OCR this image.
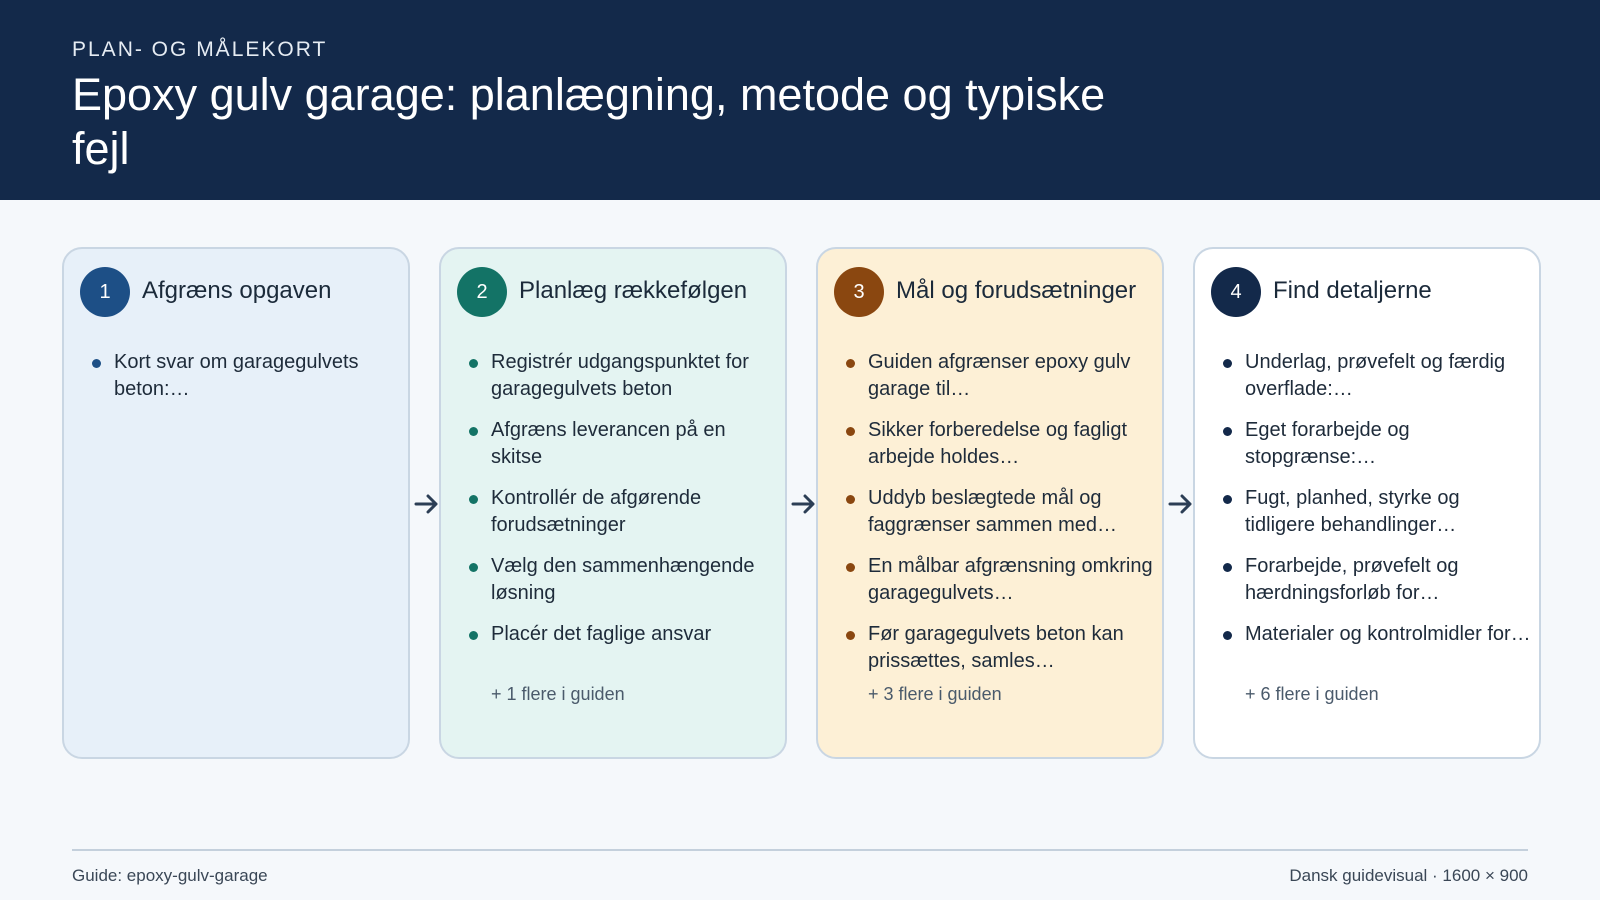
PLAN- OG MÅLEKORT
Epoxy gulv garage: planlægning, metode og typiske fejl
1	Afgræns opgaven
Kort svar om garagegulvets beton:…
2	Planlæg rækkefølgen
Registrér udgangspunktet for garagegulvets beton
Afgræns leverancen på en skitse
Kontrollér de afgørende forudsætninger
Vælg den sammenhængende løsning
Placér det faglige ansvar
+ 1 flere i guiden
3	Mål og forudsætninger
Guiden afgrænser epoxy gulv garage til…
Sikker forberedelse og fagligt arbejde holdes…
Uddyb beslægtede mål og faggrænser sammen med…
En målbar afgrænsning omkring garagegulvets…
Før garagegulvets beton kan prissættes, samles…
+ 3 flere i guiden
4	Find detaljerne
Underlag, prøvefelt og færdig overflade:…
Eget forarbejde og stopgrænse:…
Fugt, planhed, styrke og tidligere behandlinger…
Forarbejde, prøvefelt og hærdningsforløb for…
Materialer og kontrolmidler for…
+ 6 flere i guiden
Guide: epoxy-gulv-garage	Dansk guidevisual · 1600 × 900
